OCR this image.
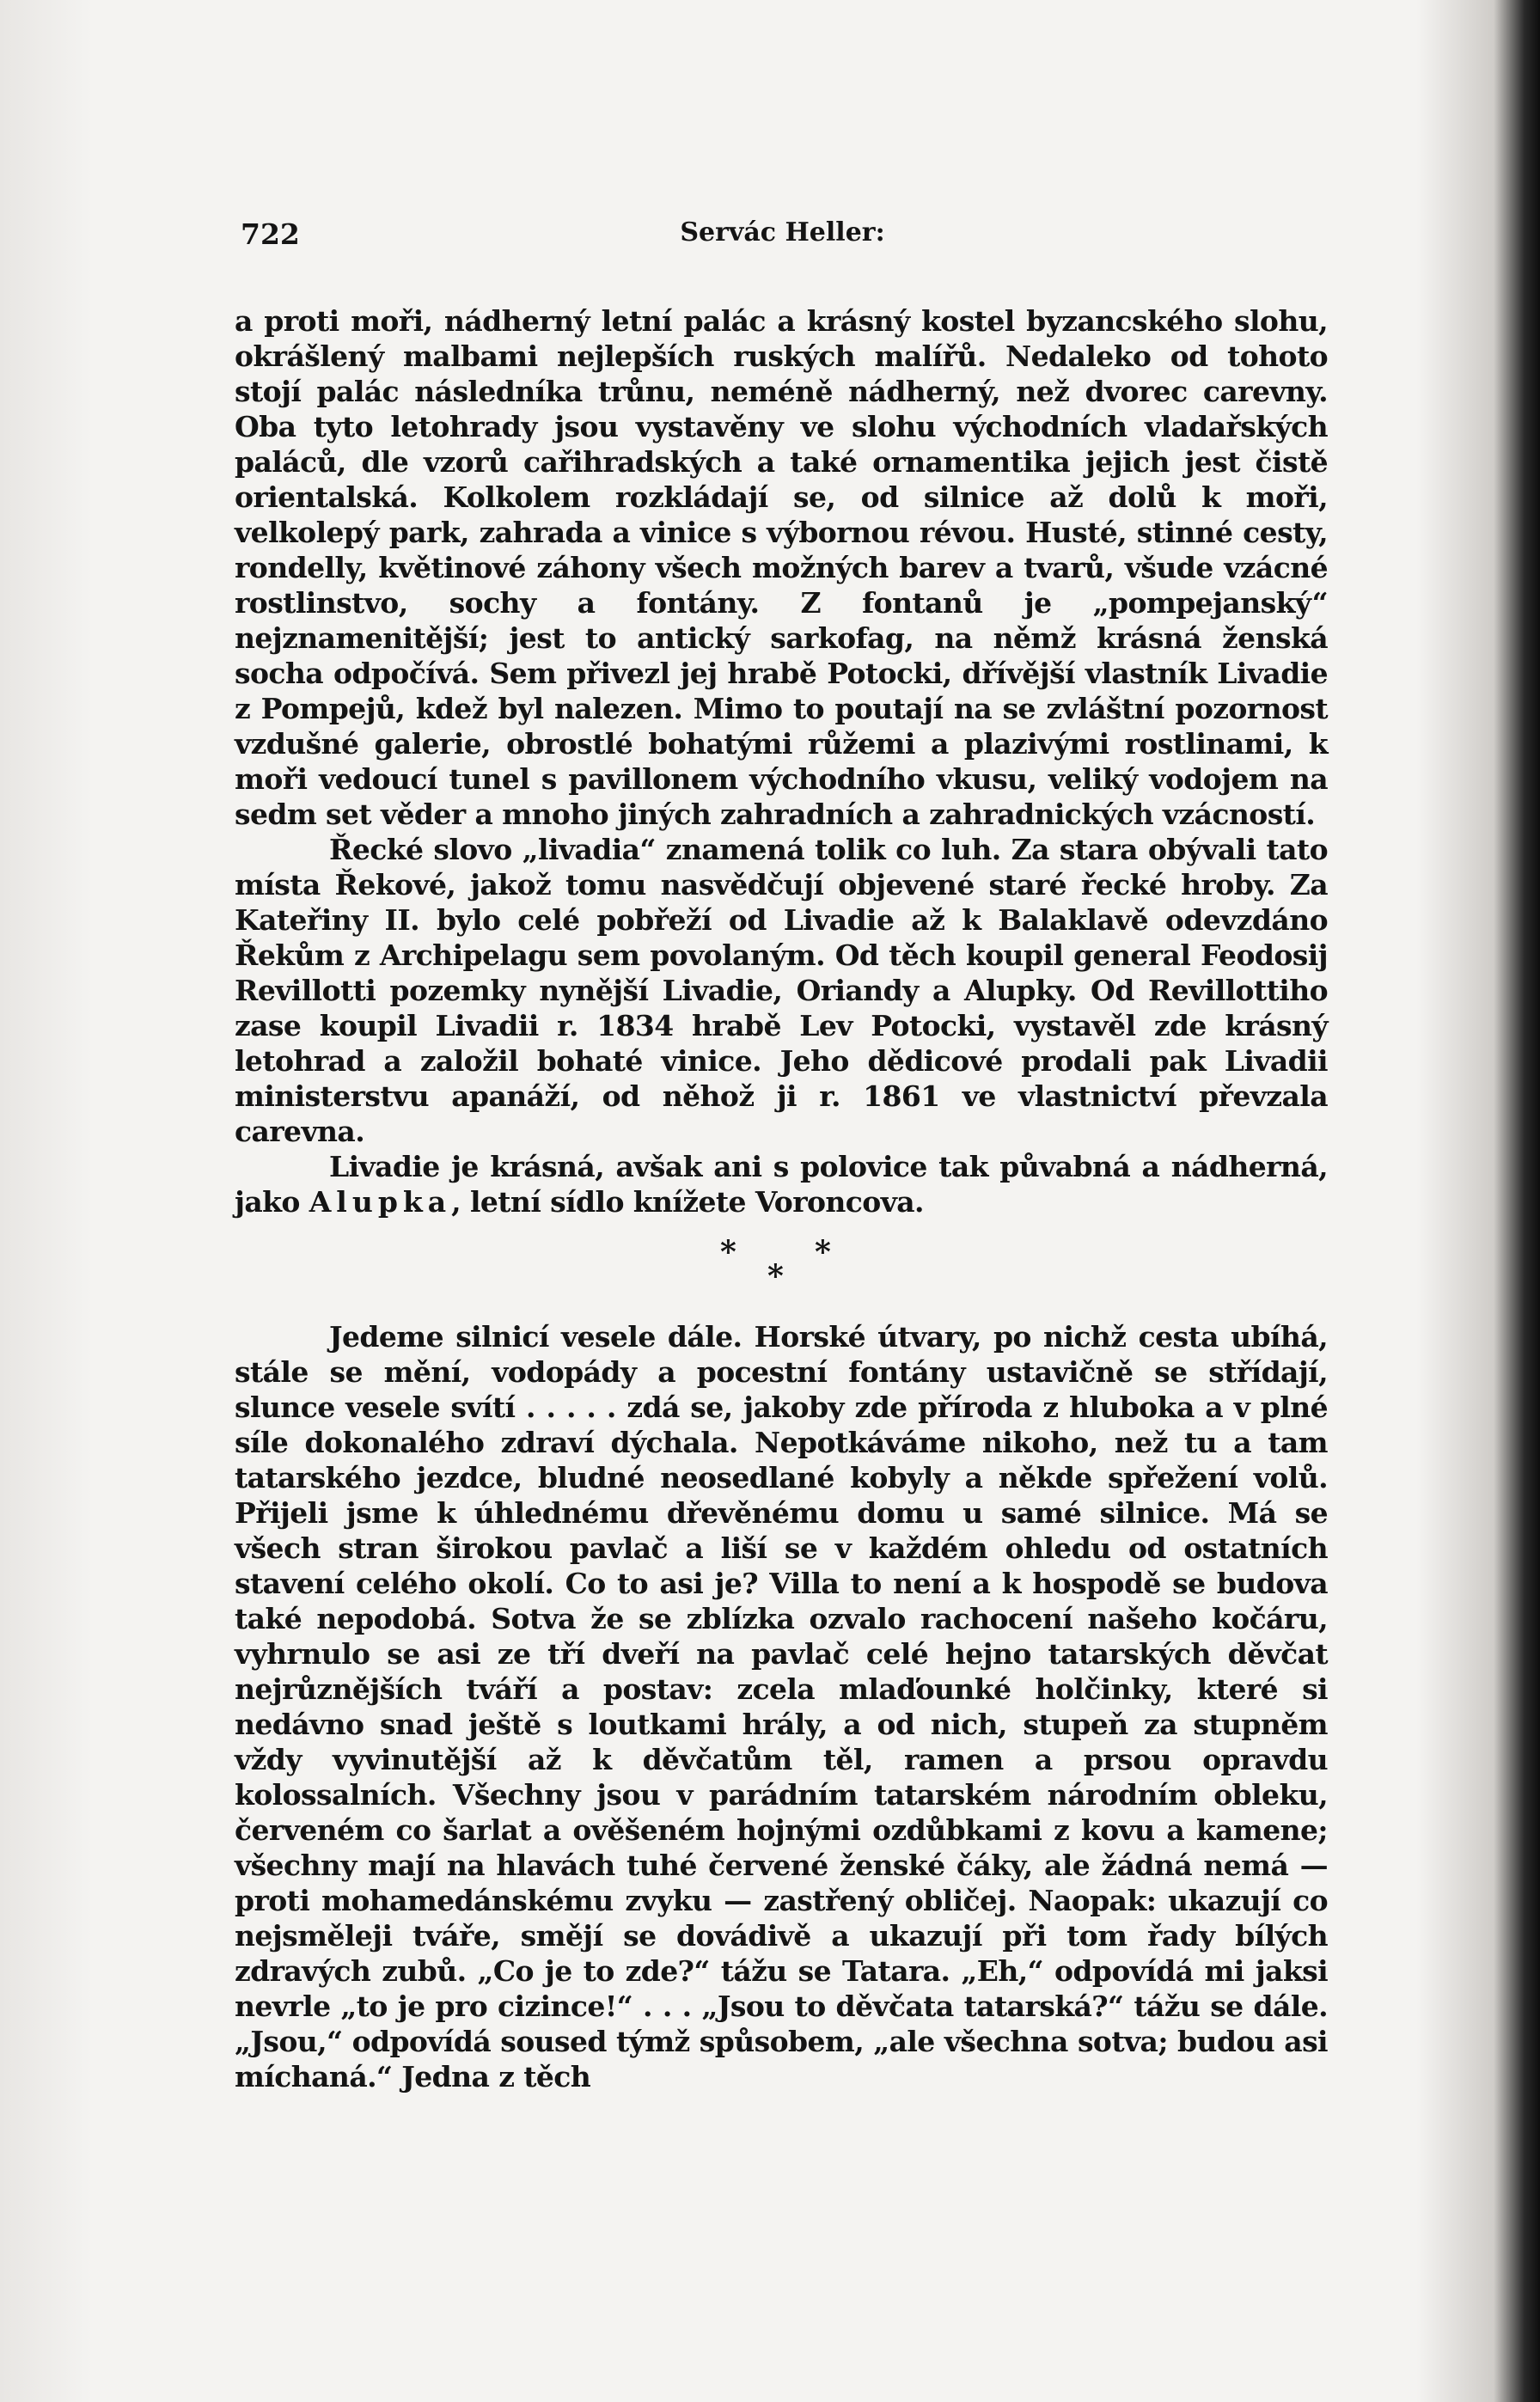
722	Servác Heller:

a proti moři, nádherný letní palác a krásný kostel byzancského slohu, okrášlený malbami nejlepších ruských malířů. Nedaleko od tohoto stojí palác následníka trůnu, neméně nádherný, než dvorec carevny. Oba tyto letohrady jsou vystavěny ve slohu východních vladařských paláců, dle vzorů cařihradských a také ornamentika jejich jest čistě orientalská. Kolkolem rozkládají se, od silnice až dolů k moři, velkolepý park, zahrada a vinice s výbornou révou. Husté, stinné cesty, rondelly, květinové záhony všech možných barev a tvarů, všude vzácné rostlinstvo, sochy a fontány. Z fontanů je „pompejanský“ nejznamenitější; jest to antický sarkofag, na němž krásná ženská socha odpočívá. Sem přivezl jej hrabě Potocki, dřívější vlastník Livadie z Pompejů, kdež byl nalezen. Mimo to poutají na se zvláštní pozornost vzdušné galerie, obrostlé bohatými růžemi a plazivými rostlinami, k moři vedoucí tunel s pavillonem východního vkusu, veliký vodojem na sedm set věder a mnoho jiných zahradních a zahradnických vzácností.

Řecké slovo „livadia“ znamená tolik co luh. Za stara obývali tato místa Řekové, jakož tomu nasvědčují objevené staré řecké hroby. Za Kateřiny II. bylo celé pobřeží od Livadie až k Balaklavě odevzdáno Řekům z Archipelagu sem povolaným. Od těch koupil general Feodosij Revillotti pozemky nynější Livadie, Oriandy a Alupky. Od Revillottiho zase koupil Livadii r. 1834 hrabě Lev Potocki, vystavěl zde krásný letohrad a založil bohaté vinice. Jeho dědicové prodali pak Livadii ministerstvu apanáží, od něhož ji r. 1861 ve vlastnictví převzala carevna.

Livadie je krásná, avšak ani s polovice tak půvabná a nádherná, jako Alupka, letní sídlo knížete Voroncova.

*	*
*

Jedeme silnicí vesele dále. Horské útvary, po nichž cesta ubíhá, stále se mění, vodopády a pocestní fontány ustavičně se střídají, slunce vesele svítí . . . . . zdá se, jakoby zde příroda z hluboka a v plné síle dokonalého zdraví dýchala. Nepotkáváme nikoho, než tu a tam tatarského jezdce, bludné neosedlané kobyly a někde spřežení volů. Přijeli jsme k úhlednému dřevěnému domu u samé silnice. Má se všech stran širokou pavlač a liší se v každém ohledu od ostatních stavení celého okolí. Co to asi je? Villa to není a k hospodě se budova také nepodobá. Sotva že se zblízka ozvalo rachocení našeho kočáru, vyhrnulo se asi ze tří dveří na pavlač celé hejno tatarských děvčat nejrůznějších tváří a postav: zcela mlaďounké holčinky, které si nedávno snad ještě s loutkami hrály, a od nich, stupeň za stupněm vždy vyvinutější až k děvčatům těl, ramen a prsou opravdu kolossalních. Všechny jsou v parádním tatarském národním obleku, červeném co šarlat a ověšeném hojnými ozdůbkami z kovu a kamene; všechny mají na hlavách tuhé červené ženské čáky, ale žádná nemá — proti mohamedánskému zvyku — zastřený obličej. Naopak: ukazují co nejsměleji tváře, smějí se dovádivě a ukazují při tom řady bílých zdravých zubů. „Co je to zde?“ tážu se Tatara. „Eh,“ odpovídá mi jaksi nevrle „to je pro cizince!“ . . . „Jsou to děvčata tatarská?“ tážu se dále. „Jsou,“ odpovídá soused týmž spůsobem, „ale všechna sotva; budou asi míchaná.“ Jedna z těch
